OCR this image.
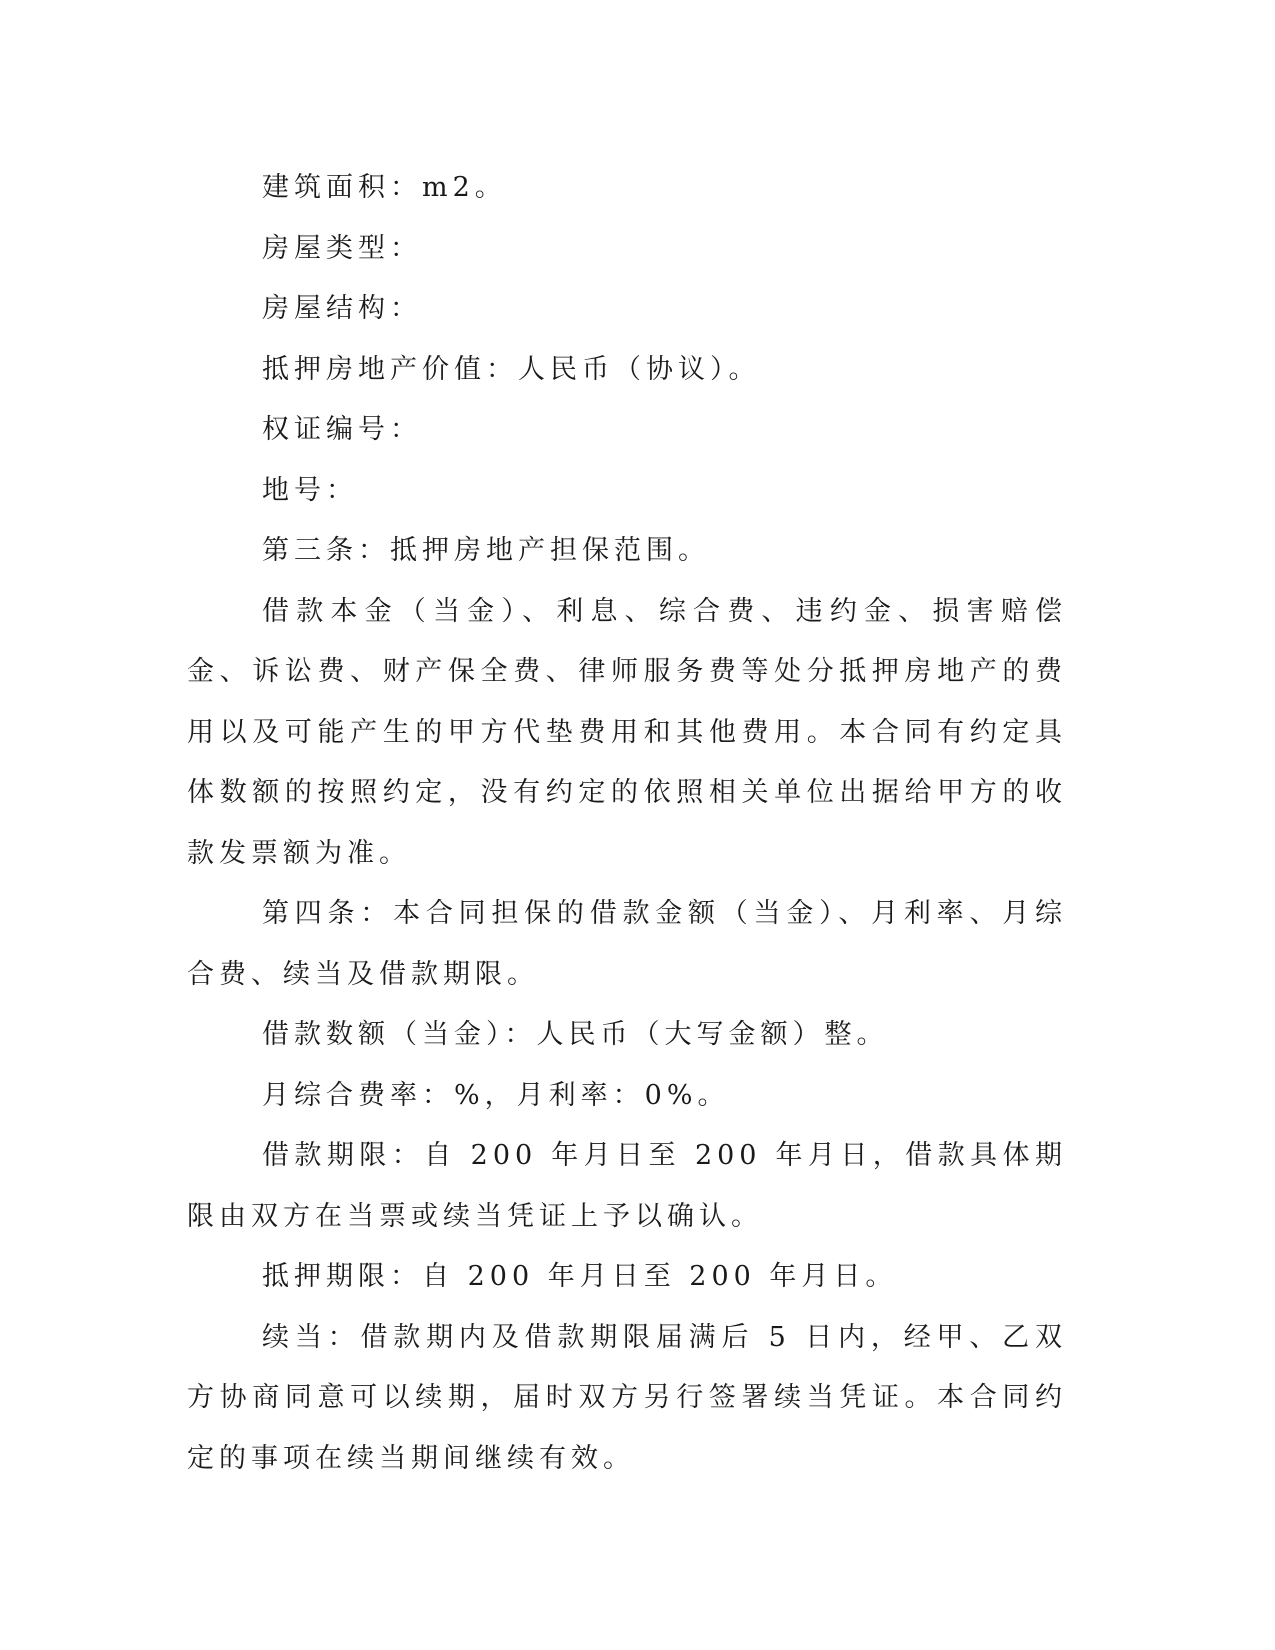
建筑面积：m2。

房屋类型：

房屋结构：

抵押房地产价值：人民币（协议）。

权证编号：

地号：

第三条：抵押房地产担保范围。

借款本金（当金）、利息、综合费、违约金、损害赔偿金、诉讼费、财产保全费、律师服务费等处分抵押房地产的费用以及可能产生的甲方代垫费用和其他费用。本合同有约定具体数额的按照约定，没有约定的依照相关单位出据给甲方的收款发票额为准。

第四条：本合同担保的借款金额（当金）、月利率、月综合费、续当及借款期限。

借款数额（当金）：人民币（大写金额）整。

月综合费率：%，月利率：0%。

借款期限：自 200 年月日至 200 年月日，借款具体期限由双方在当票或续当凭证上予以确认。

抵押期限：自 200 年月日至 200 年月日。

续当：借款期内及借款期限届满后 5 日内，经甲、乙双方协商同意可以续期，届时双方另行签署续当凭证。本合同约定的事项在续当期间继续有效。
